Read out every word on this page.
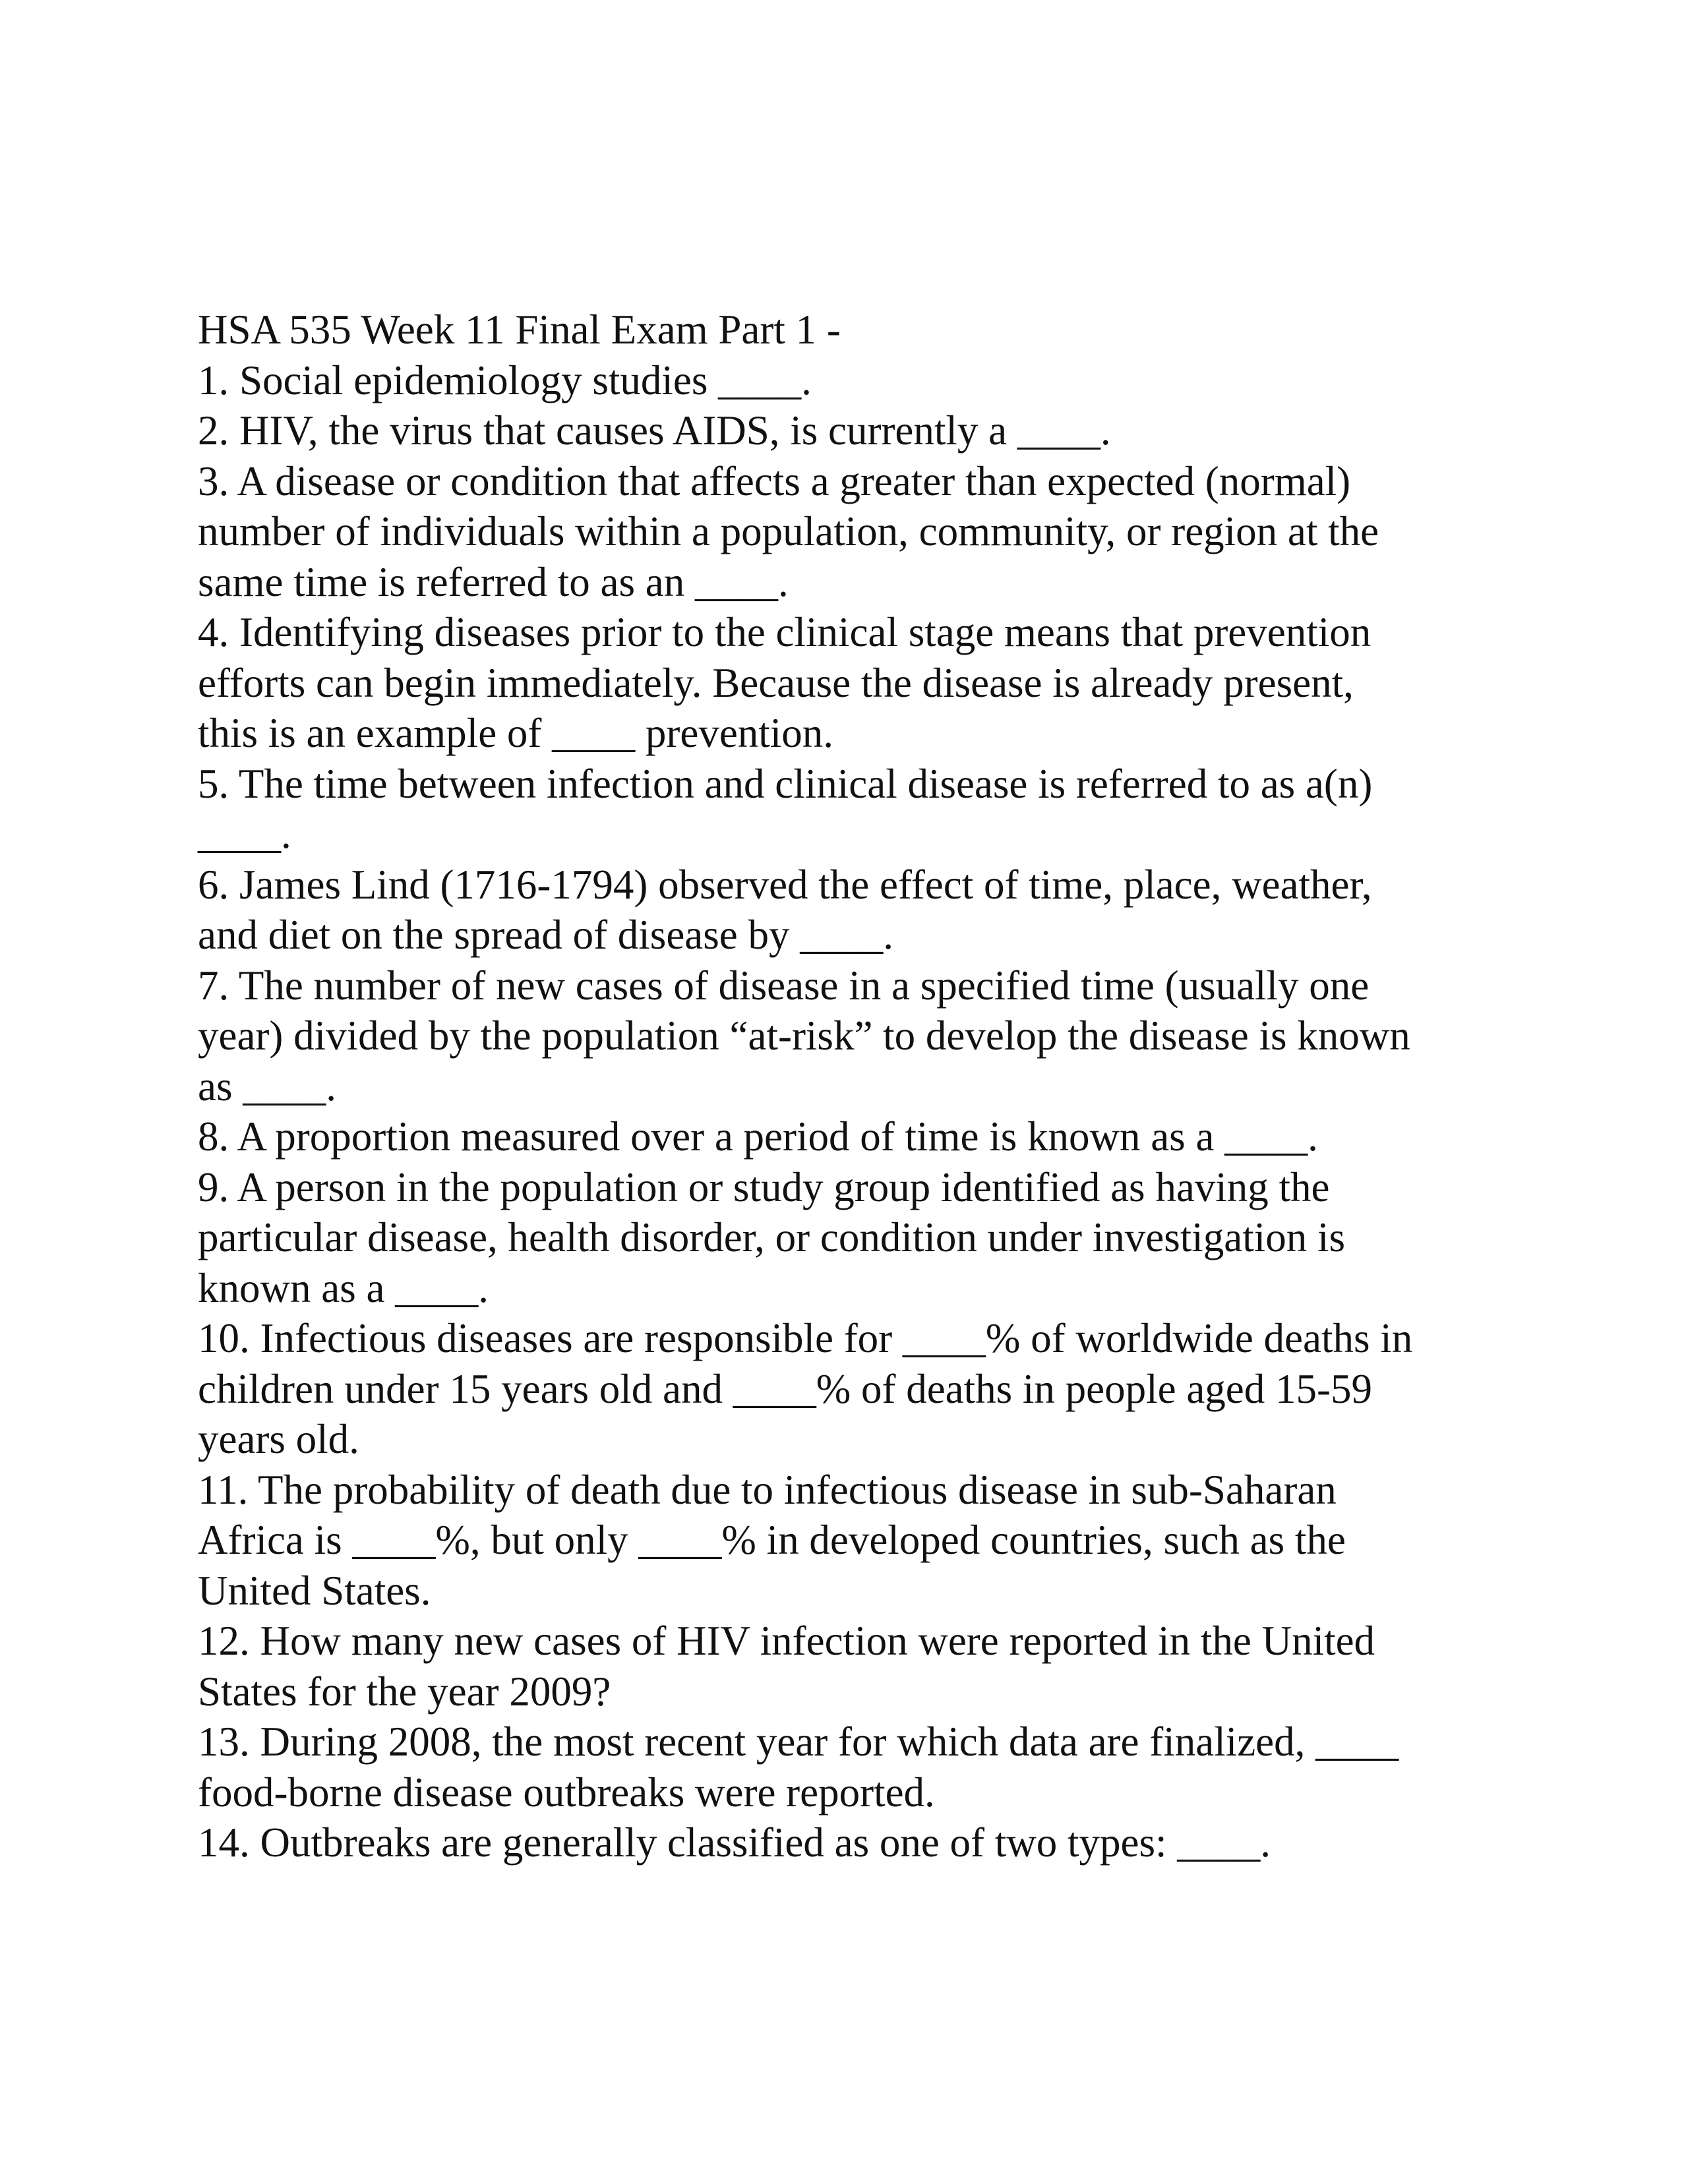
HSA 535 Week 11 Final Exam Part 1 -
1. Social epidemiology studies ____.
2. HIV, the virus that causes AIDS, is currently a ____.
3. A disease or condition that affects a greater than expected (normal)
number of individuals within a population, community, or region at the
same time is referred to as an ____.
4. Identifying diseases prior to the clinical stage means that prevention
efforts can begin immediately. Because the disease is already present,
this is an example of ____ prevention.
5. The time between infection and clinical disease is referred to as a(n)
____.
6. James Lind (1716-1794) observed the effect of time, place, weather,
and diet on the spread of disease by ____.
7. The number of new cases of disease in a specified time (usually one
year) divided by the population “at-risk” to develop the disease is known
as ____.
8. A proportion measured over a period of time is known as a ____.
9. A person in the population or study group identified as having the
particular disease, health disorder, or condition under investigation is
known as a ____.
10. Infectious diseases are responsible for ____% of worldwide deaths in
children under 15 years old and ____% of deaths in people aged 15-59
years old.
11. The probability of death due to infectious disease in sub-Saharan
Africa is ____%, but only ____% in developed countries, such as the
United States.
12. How many new cases of HIV infection were reported in the United
States for the year 2009?
13. During 2008, the most recent year for which data are finalized, ____
food-borne disease outbreaks were reported.
14. Outbreaks are generally classified as one of two types: ____.
